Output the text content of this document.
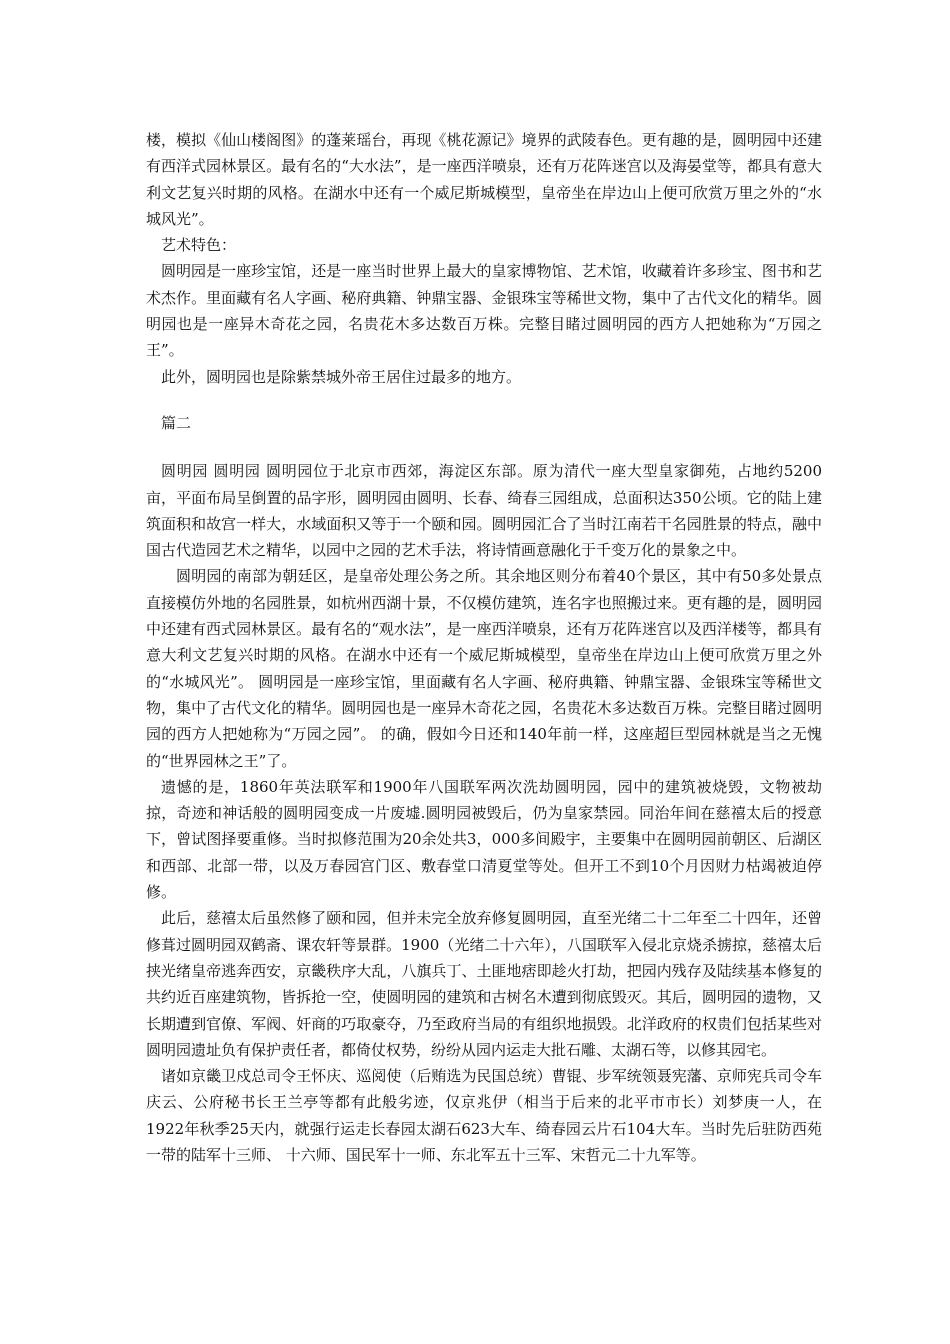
楼，模拟《仙山楼阁图》的蓬莱瑶台，再现《桃花源记》境界的武陵春色。更有趣的是，圆明园中还建有西洋式园林景区。最有名的“大水法”，是一座西洋喷泉，还有万花阵迷宫以及海晏堂等，都具有意大利文艺复兴时期的风格。在湖水中还有一个威尼斯城模型，皇帝坐在岸边山上便可欣赏万里之外的“水城风光”。

艺术特色：

圆明园是一座珍宝馆，还是一座当时世界上最大的皇家博物馆、艺术馆，收藏着许多珍宝、图书和艺术杰作。里面藏有名人字画、秘府典籍、钟鼎宝器、金银珠宝等稀世文物，集中了古代文化的精华。圆明园也是一座异木奇花之园，名贵花木多达数百万株。完整目睹过圆明园的西方人把她称为“万园之王”。

此外，圆明园也是除紫禁城外帝王居住过最多的地方。

篇二

圆明园 圆明园 圆明园位于北京市西郊，海淀区东部。原为清代一座大型皇家御苑，占地约5200亩，平面布局呈倒置的品字形，圆明园由圆明、长春、绮春三园组成，总面积达350公顷。它的陆上建筑面积和故宫一样大，水域面积又等于一个颐和园。圆明园汇合了当时江南若干名园胜景的特点，融中国古代造园艺术之精华，以园中之园的艺术手法，将诗情画意融化于千变万化的景象之中。

圆明园的南部为朝廷区，是皇帝处理公务之所。其余地区则分布着40个景区，其中有50多处景点直接模仿外地的名园胜景，如杭州西湖十景，不仅模仿建筑，连名字也照搬过来。更有趣的是，圆明园中还建有西式园林景区。最有名的“观水法”，是一座西洋喷泉，还有万花阵迷宫以及西洋楼等，都具有意大利文艺复兴时期的风格。在湖水中还有一个威尼斯城模型，皇帝坐在岸边山上便可欣赏万里之外的“水城风光”。 圆明园是一座珍宝馆，里面藏有名人字画、秘府典籍、钟鼎宝器、金银珠宝等稀世文物，集中了古代文化的精华。圆明园也是一座异木奇花之园，名贵花木多达数百万株。完整目睹过圆明园的西方人把她称为“万园之园”。 的确，假如今日还和140年前一样，这座超巨型园林就是当之无愧的“世界园林之王”了。

遗憾的是，1860年英法联军和1900年八国联军两次洗劫圆明园，园中的建筑被烧毁，文物被劫掠，奇迹和神话般的圆明园变成一片废墟.圆明园被毁后，仍为皇家禁园。同治年间在慈禧太后的授意下，曾试图择要重修。当时拟修范围为20余处共3，000多间殿宇，主要集中在圆明园前朝区、后湖区和西部、北部一带，以及万春园宫门区、敷春堂口清夏堂等处。但开工不到10个月因财力枯竭被迫停修。

此后，慈禧太后虽然修了颐和园，但并未完全放弃修复圆明园，直至光绪二十二年至二十四年，还曾修葺过圆明园双鹤斋、课农轩等景群。1900（光绪二十六年），八国联军入侵北京烧杀掳掠，慈禧太后挟光绪皇帝逃奔西安，京畿秩序大乱，八旗兵丁、土匪地痞即趁火打劫，把园内残存及陆续基本修复的共约近百座建筑物，皆拆抢一空，使圆明园的建筑和古树名木遭到彻底毁灭。其后，圆明园的遗物，又长期遭到官僚、军阀、奸商的巧取豪夺，乃至政府当局的有组织地损毁。北洋政府的权贵们包括某些对圆明园遗址负有保护责任者，都倚仗权势，纷纷从园内运走大批石雕、太湖石等，以修其园宅。

诸如京畿卫戍总司令王怀庆、巡阅使（后贿选为民国总统）曹锟、步军统领聂宪藩、京师宪兵司令车庆云、公府秘书长王兰亭等都有此般劣迹，仅京兆伊（相当于后来的北平市市长）刘梦庚一人，在1922年秋季25天内，就强行运走长春园太湖石623大车、绮春园云片石104大车。当时先后驻防西苑一带的陆军十三师、 十六师、国民军十一师、东北军五十三军、宋哲元二十九军等。
